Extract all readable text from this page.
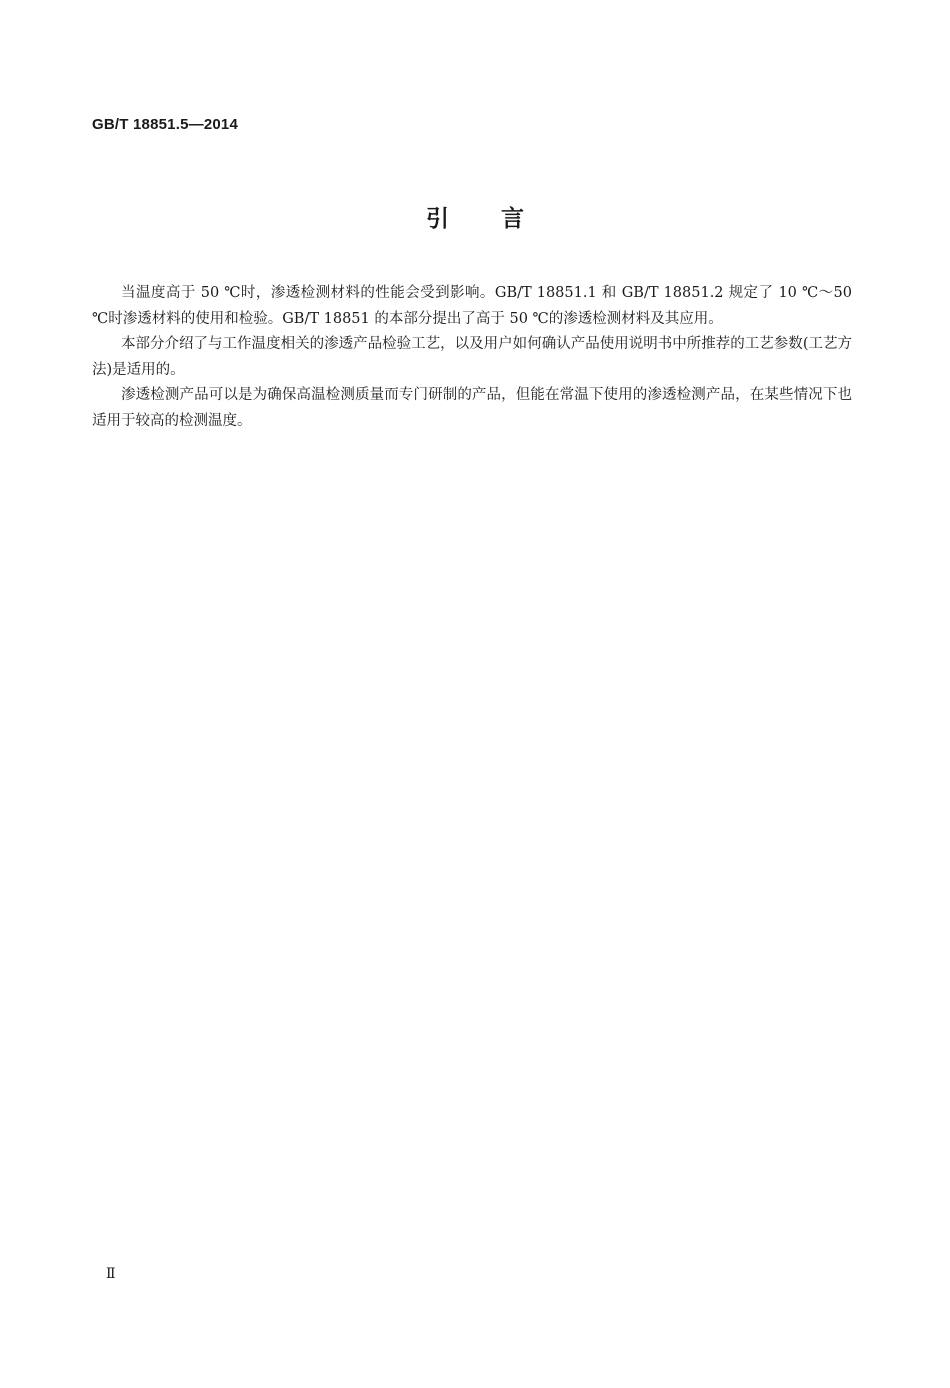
GB/T 18851.5—2014
引言

当温度高于 50 ℃时，渗透检测材料的性能会受到影响。GB/T 18851.1 和 GB/T 18851.2 规定了 10 ℃～50 ℃时渗透材料的使用和检验。GB/T 18851 的本部分提出了高于 50 ℃的渗透检测材料及其应用。

本部分介绍了与工作温度相关的渗透产品检验工艺，以及用户如何确认产品使用说明书中所推荐的工艺参数(工艺方法)是适用的。

渗透检测产品可以是为确保高温检测质量而专门研制的产品，但能在常温下使用的渗透检测产品，在某些情况下也适用于较高的检测温度。

Ⅱ
